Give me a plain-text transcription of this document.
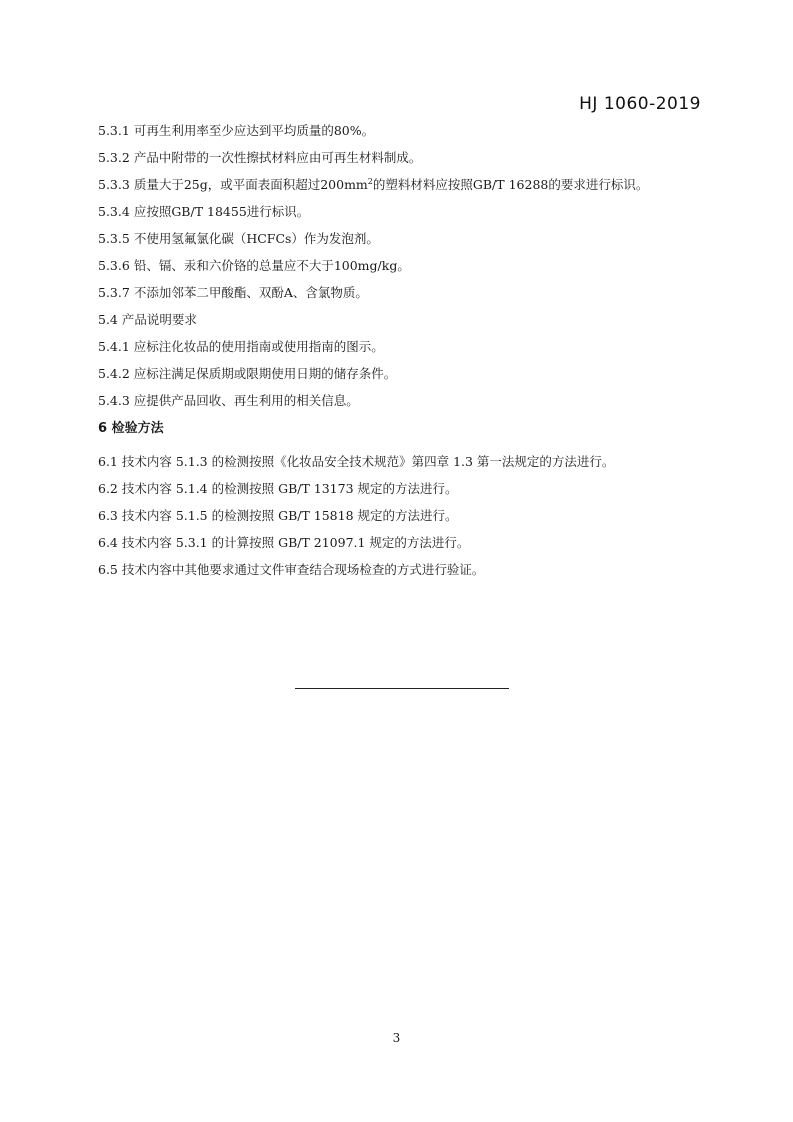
HJ 1060-2019
5.3.1 可再生利用率至少应达到平均质量的80%。
5.3.2 产品中附带的一次性擦拭材料应由可再生材料制成。
5.3.3 质量大于25g，或平面表面积超过$200mm^2$的塑料材料应按照GB/T 16288的要求进行标识。
5.3.4 应按照GB/T 18455进行标识。
5.3.5 不使用氢氟氯化碳（HCFCs）作为发泡剂。
5.3.6 铅、镉、汞和六价铬的总量应不大于100mg/kg。
5.3.7 不添加邻苯二甲酸酯、双酚A、含氯物质。
5.4 产品说明要求
5.4.1 应标注化妆品的使用指南或使用指南的图示。
5.4.2 应标注满足保质期或限期使用日期的储存条件。
5.4.3 应提供产品回收、再生利用的相关信息。
6 检验方法
6.1 技术内容 5.1.3 的检测按照《化妆品安全技术规范》第四章 1.3 第一法规定的方法进行。
6.2 技术内容 5.1.4 的检测按照 GB/T 13173 规定的方法进行。
6.3 技术内容 5.1.5 的检测按照 GB/T 15818 规定的方法进行。
6.4 技术内容 5.3.1 的计算按照 GB/T 21097.1 规定的方法进行。
6.5 技术内容中其他要求通过文件审查结合现场检查的方式进行验证。
3
